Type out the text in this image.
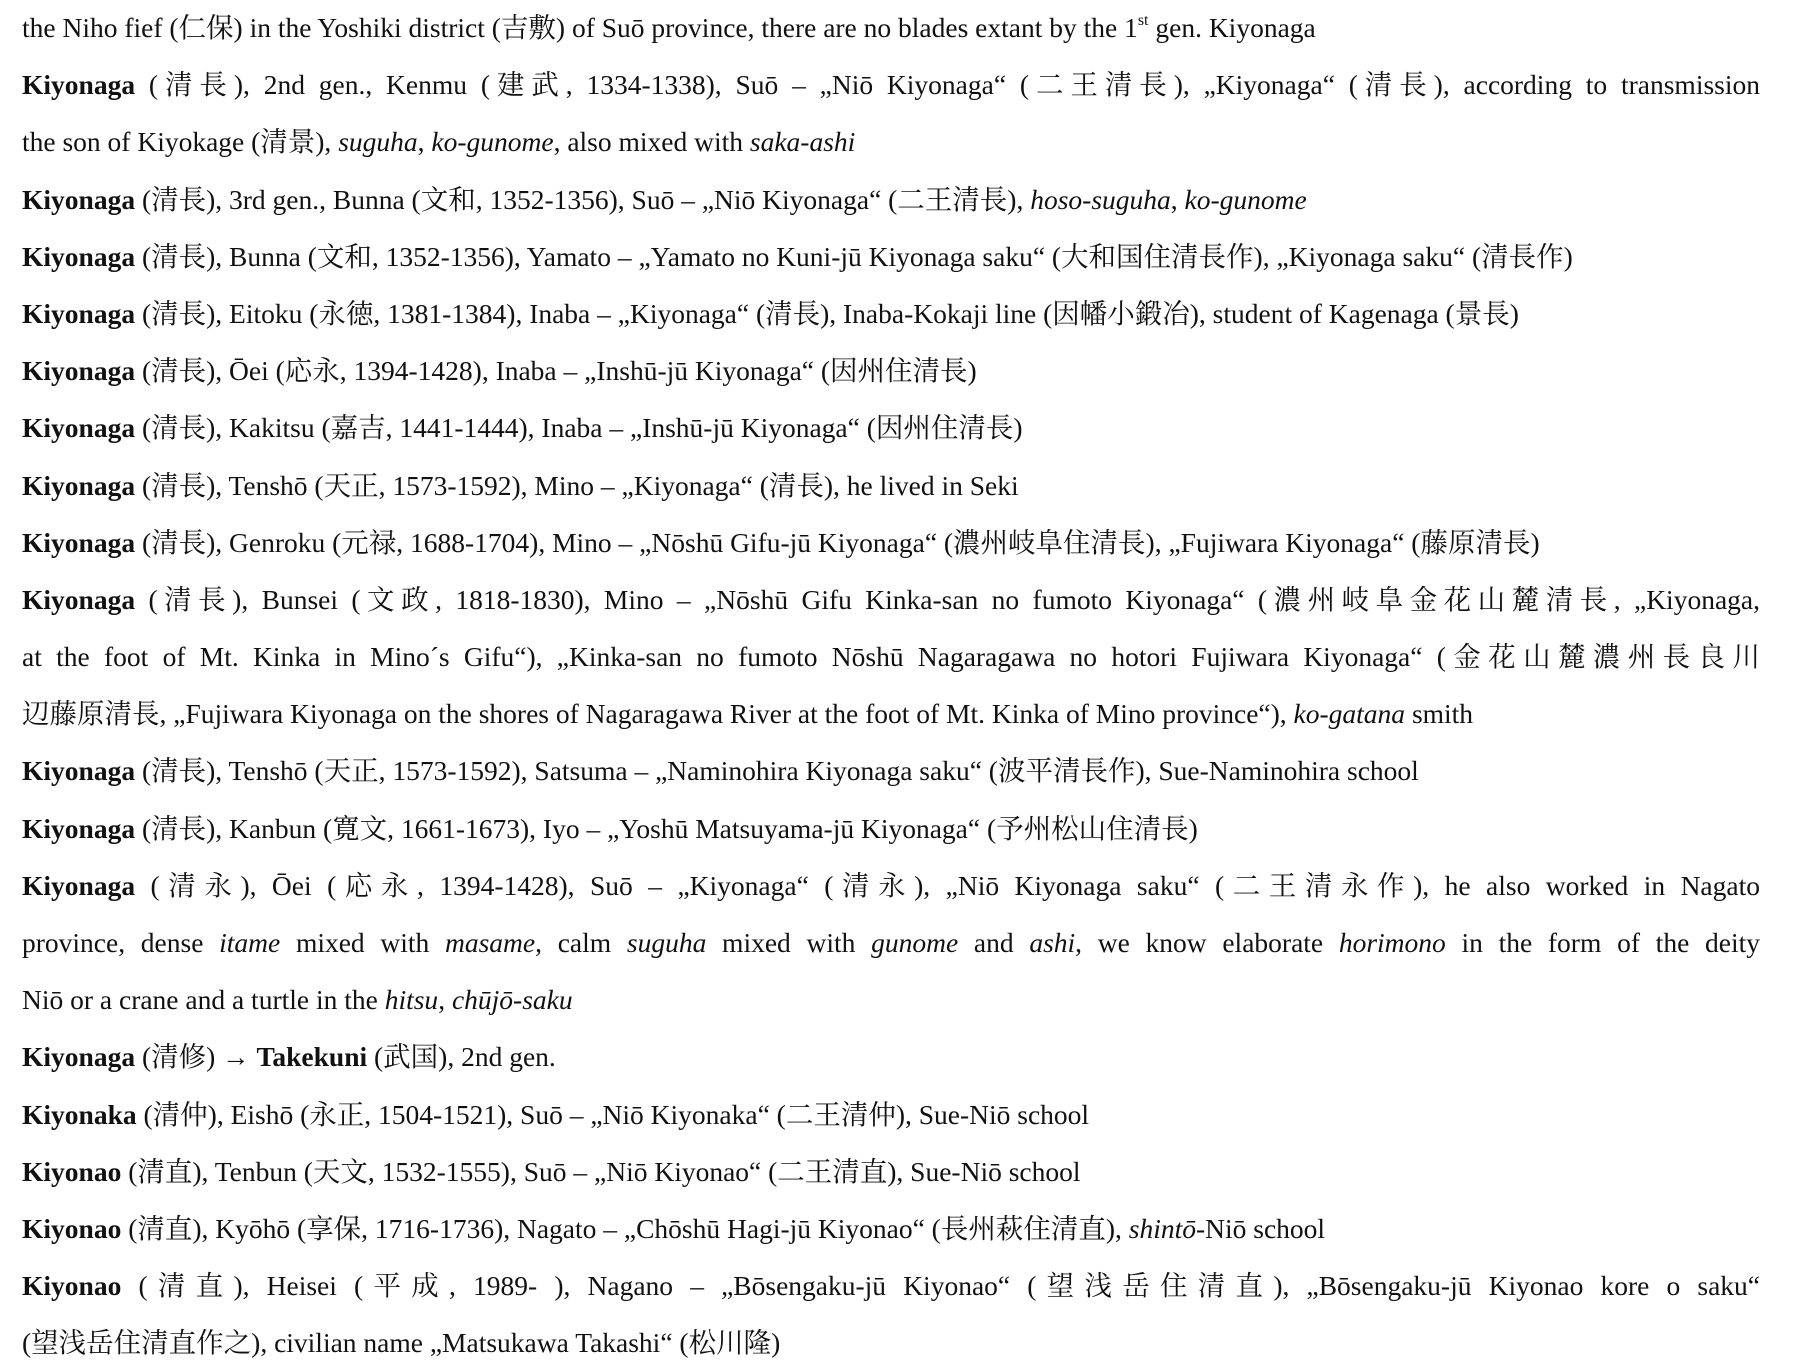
the Niho fief (仁保) in the Yoshiki district (吉敷) of Suō province, there are no blades extant by the 1st gen. Kiyonaga
Kiyonaga (清長), 2nd gen., Kenmu (建武, 1334-1338), Suō – „Niō Kiyonaga“ (二王清長), „Kiyonaga“ (清長), according to transmission
the son of Kiyokage (清景), suguha, ko-gunome, also mixed with saka-ashi
Kiyonaga (清長), 3rd gen., Bunna (文和, 1352-1356), Suō – „Niō Kiyonaga“ (二王清長), hoso-suguha, ko-gunome
Kiyonaga (清長), Bunna (文和, 1352-1356), Yamato – „Yamato no Kuni-jū Kiyonaga saku“ (大和国住清長作), „Kiyonaga saku“ (清長作)
Kiyonaga (清長), Eitoku (永徳, 1381-1384), Inaba – „Kiyonaga“ (清長), Inaba-Kokaji line (因幡小鍛冶), student of Kagenaga (景長)
Kiyonaga (清長), Ōei (応永, 1394-1428), Inaba – „Inshū-jū Kiyonaga“ (因州住清長)
Kiyonaga (清長), Kakitsu (嘉吉, 1441-1444), Inaba – „Inshū-jū Kiyonaga“ (因州住清長)
Kiyonaga (清長), Tenshō (天正, 1573-1592), Mino – „Kiyonaga“ (清長), he lived in Seki
Kiyonaga (清長), Genroku (元禄, 1688-1704), Mino – „Nōshū Gifu-jū Kiyonaga“ (濃州岐阜住清長), „Fujiwara Kiyonaga“ (藤原清長)
Kiyonaga (清長), Bunsei (文政, 1818-1830), Mino – „Nōshū Gifu Kinka-san no fumoto Kiyonaga“ (濃州岐阜金花山麓清長, „Kiyonaga,
at the foot of Mt. Kinka in Mino´s Gifu“), „Kinka-san no fumoto Nōshū Nagaragawa no hotori Fujiwara Kiyonaga“ (金花山麓濃州長良川
辺藤原清長, „Fujiwara Kiyonaga on the shores of Nagaragawa River at the foot of Mt. Kinka of Mino province“), ko-gatana smith
Kiyonaga (清長), Tenshō (天正, 1573-1592), Satsuma – „Naminohira Kiyonaga saku“ (波平清長作), Sue-Naminohira school
Kiyonaga (清長), Kanbun (寛文, 1661-1673), Iyo – „Yoshū Matsuyama-jū Kiyonaga“ (予州松山住清長)
Kiyonaga (清永), Ōei (応永, 1394-1428), Suō – „Kiyonaga“ (清永), „Niō Kiyonaga saku“ (二王清永作), he also worked in Nagato
province, dense itame mixed with masame, calm suguha mixed with gunome and ashi, we know elaborate horimono in the form of the deity
Niō or a crane and a turtle in the hitsu, chūjō-saku
Kiyonaga (清修) → Takekuni (武国), 2nd gen.
Kiyonaka (清仲), Eishō (永正, 1504-1521), Suō – „Niō Kiyonaka“ (二王清仲), Sue-Niō school
Kiyonao (清直), Tenbun (天文, 1532-1555), Suō – „Niō Kiyonao“ (二王清直), Sue-Niō school
Kiyonao (清直), Kyōhō (享保, 1716-1736), Nagato – „Chōshū Hagi-jū Kiyonao“ (長州萩住清直), shintō-Niō school
Kiyonao (清直), Heisei (平成, 1989- ), Nagano – „Bōsengaku-jū Kiyonao“ (望浅岳住清直), „Bōsengaku-jū Kiyonao kore o saku“
(望浅岳住清直作之), civilian name „Matsukawa Takashi“ (松川隆)
